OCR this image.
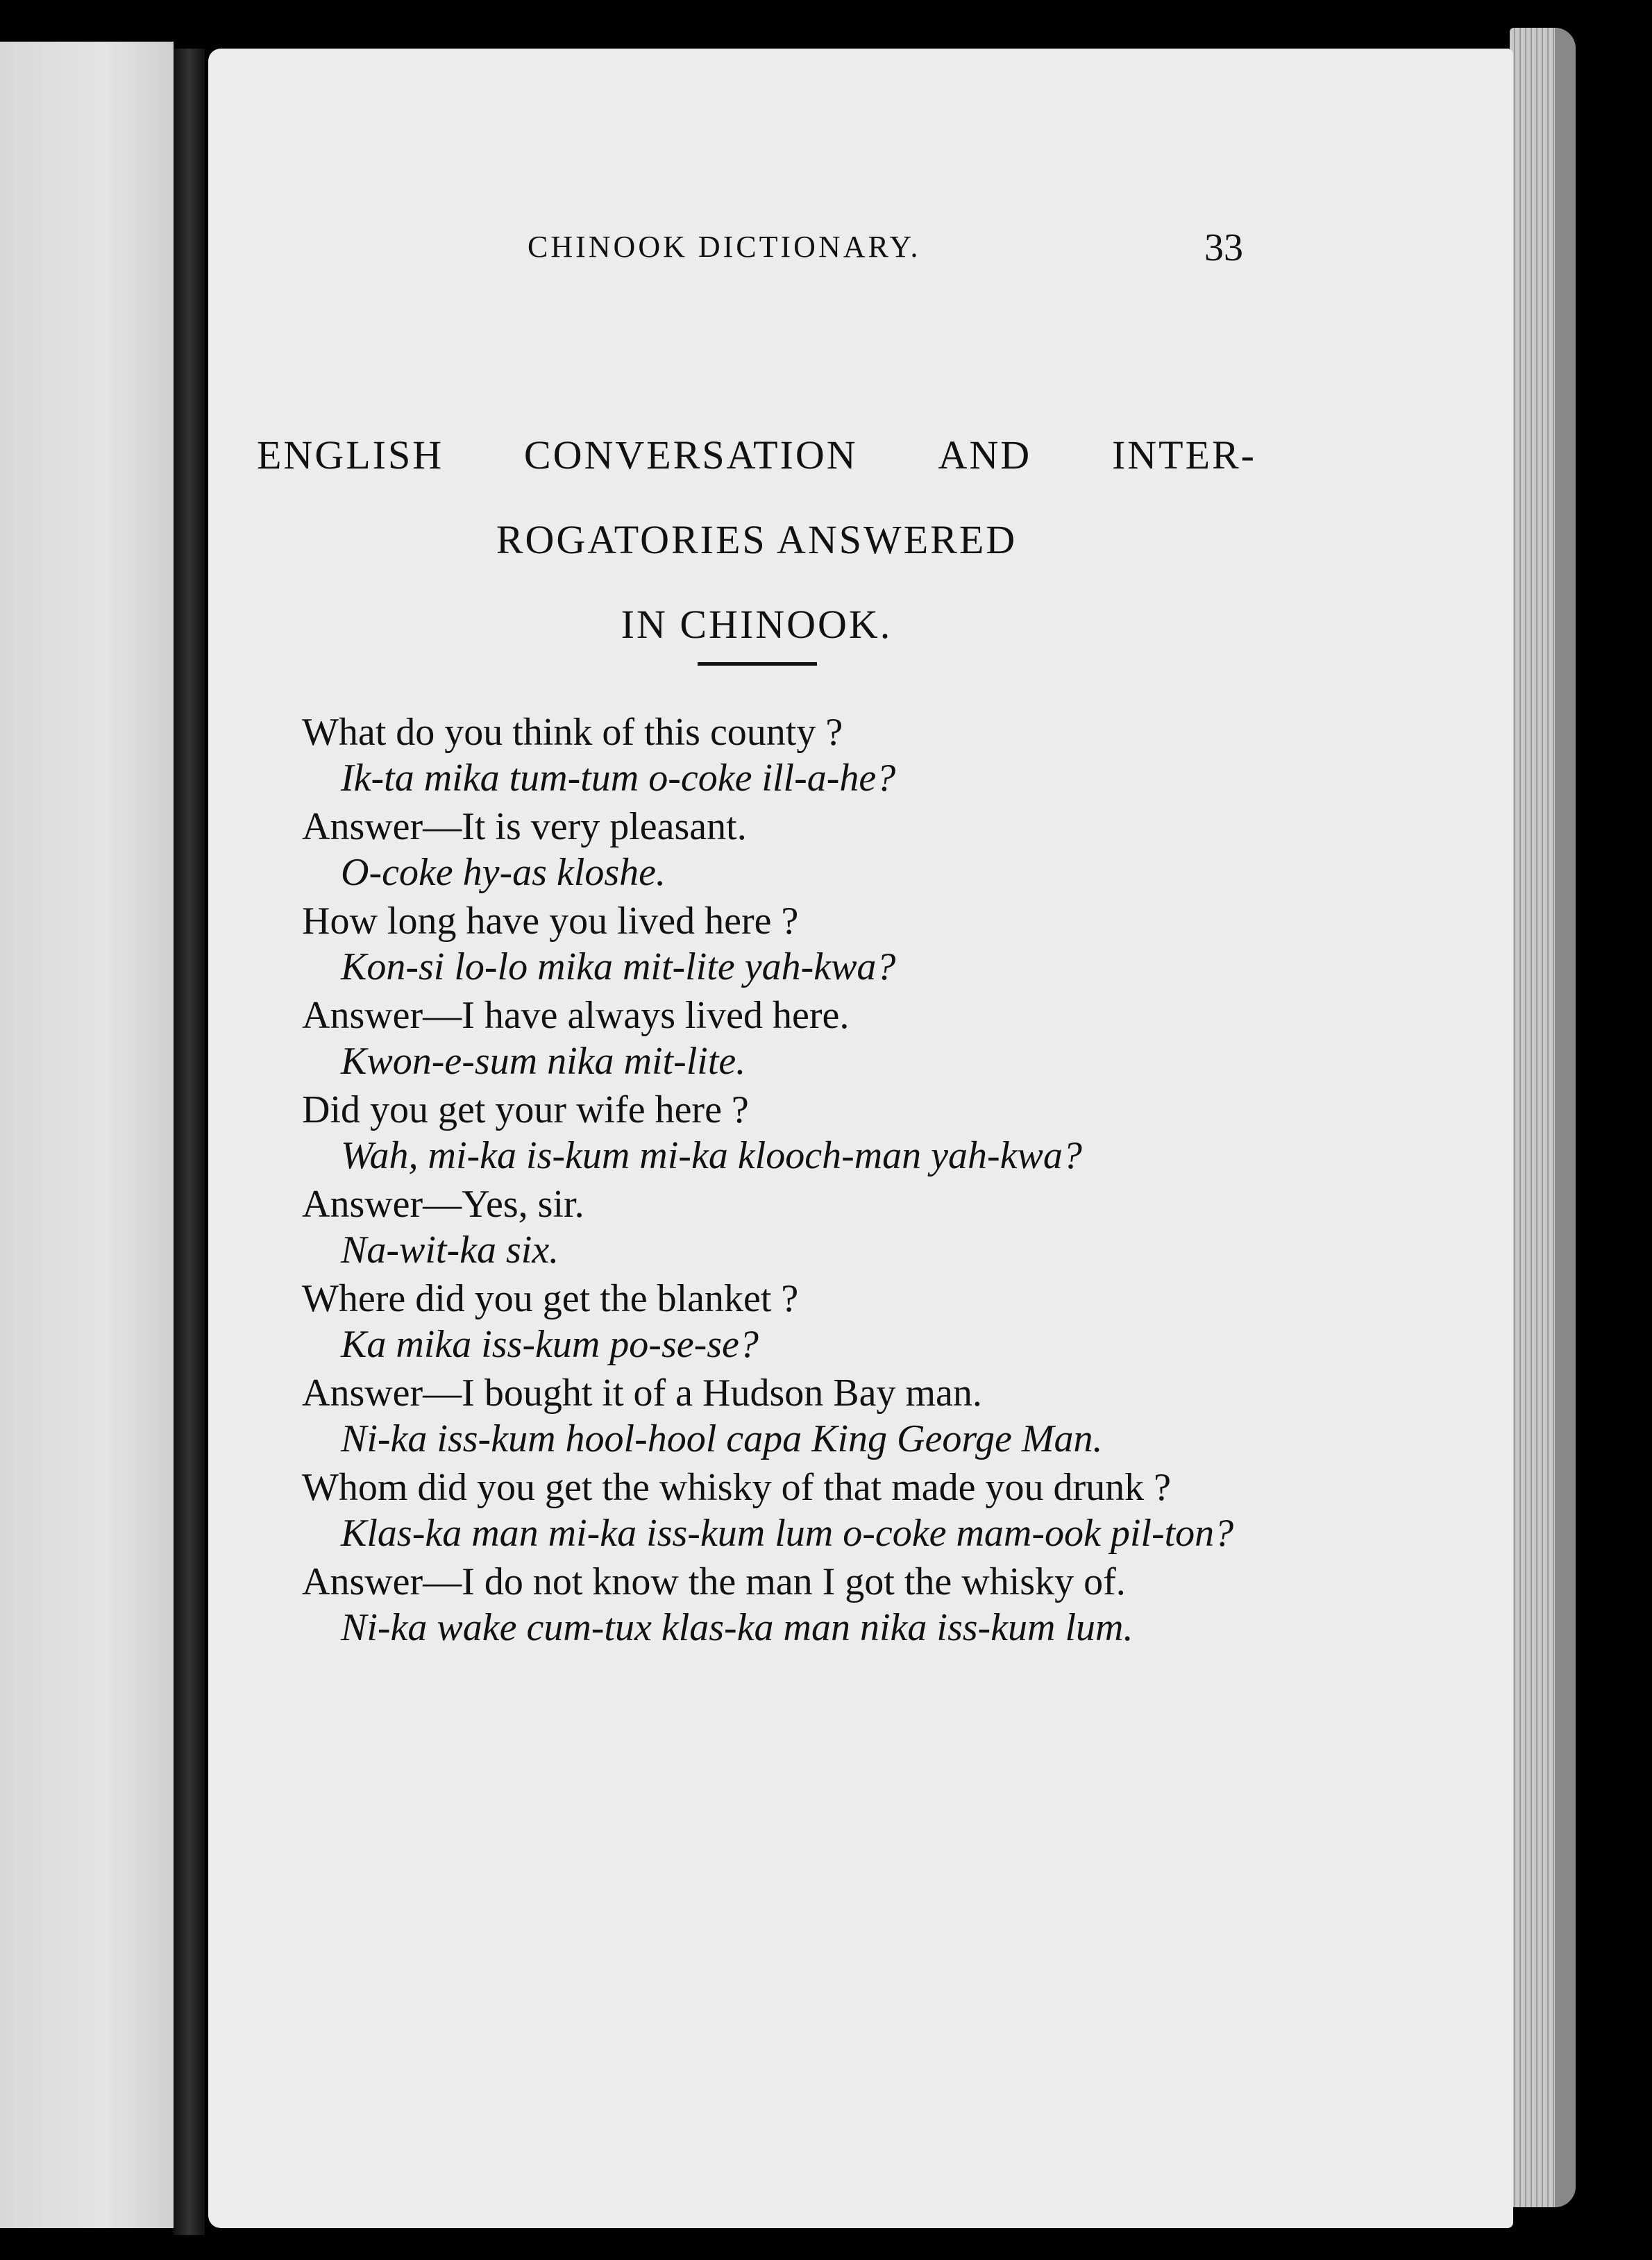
CHINOOK DICTIONARY.	33
ENGLISH CONVERSATION AND INTER-
ROGATORIES ANSWERED
IN CHINOOK.
What do you think of this county ?
Ik-ta mika tum-tum o-coke ill-a-he?
Answer—It is very pleasant.
O-coke hy-as kloshe.
How long have you lived here ?
Kon-si lo-lo mika mit-lite yah-kwa?
Answer—I have always lived here.
Kwon-e-sum nika mit-lite.
Did you get your wife here ?
Wah, mi-ka is-kum mi-ka klooch-man yah-kwa?
Answer—Yes, sir.
Na-wit-ka six.
Where did you get the blanket ?
Ka mika iss-kum po-se-se?
Answer—I bought it of a Hudson Bay man.
Ni-ka iss-kum hool-hool capa King George Man.
Whom did you get the whisky of that made you drunk ?
Klas-ka man mi-ka iss-kum lum o-coke mam-ook pil-ton?
Answer—I do not know the man I got the whisky of.
Ni-ka wake cum-tux klas-ka man nika iss-kum lum.
